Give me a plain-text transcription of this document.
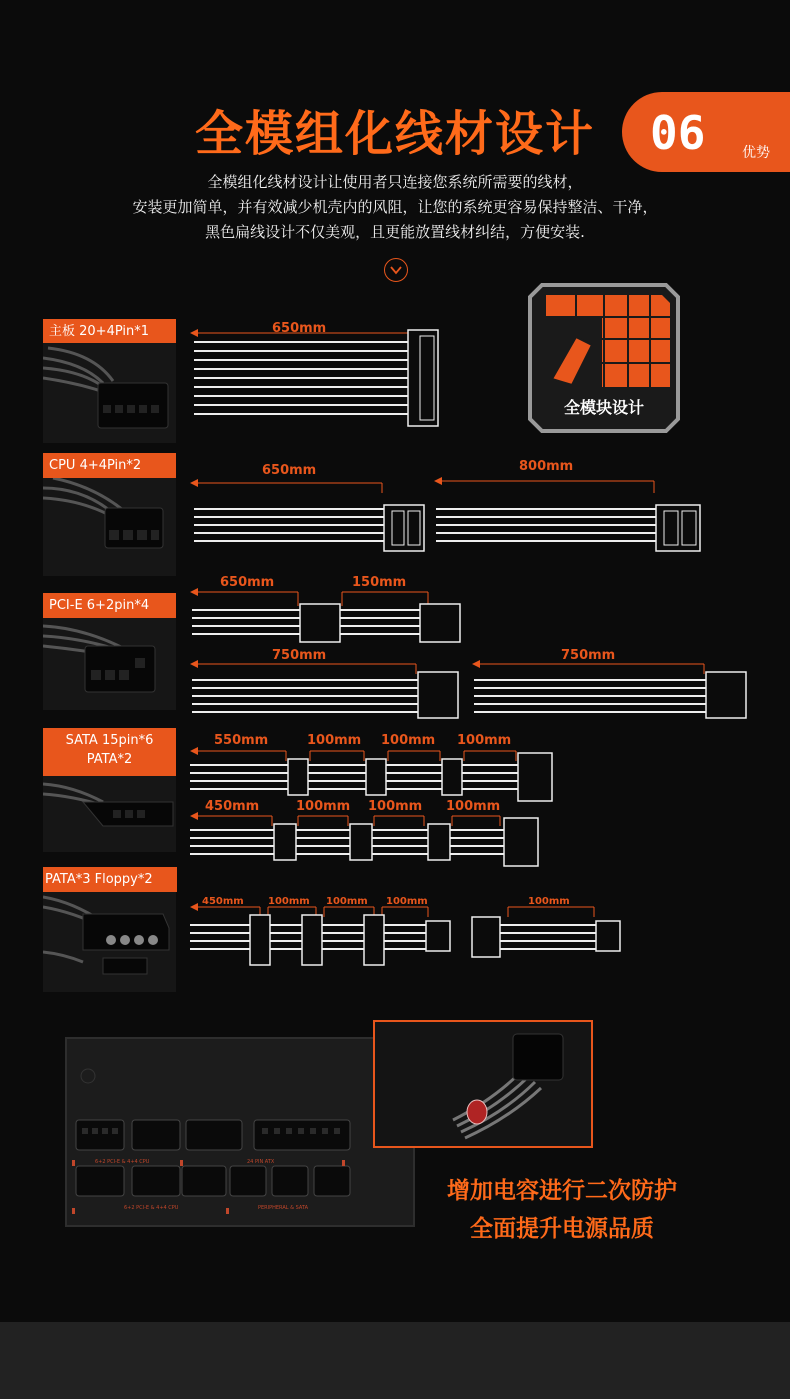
全模组化线材设计	06	优势
全模组化线材设计让使用者只连接您系统所需要的线材，
安装更加简单，并有效减少机壳内的风阻，让您的系统更容易保持整洁、干净，
黑色扁线设计不仅美观，且更能放置线材纠结，方便安装.
全模块设计
主板 20+4Pin*1	650mm
CPU 4+4Pin*2	650mm	800mm
PCI-E 6+2pin*4
650mm	150mm
750mm	750mm
SATA 15pin*6
PATA*2
550mm	100mm 100mm 100mm
450mm	100mm 100mm 100mm
PATA*3 Floppy*2
450mm 100mm 100mm 100mm	100mm
6+2 PCI-E & 4+4 CPU	24 PIN ATX
6+2 PCI-E & 4+4 CPU	PERIPHERAL & SATA
增加电容进行二次防护
全面提升电源品质
